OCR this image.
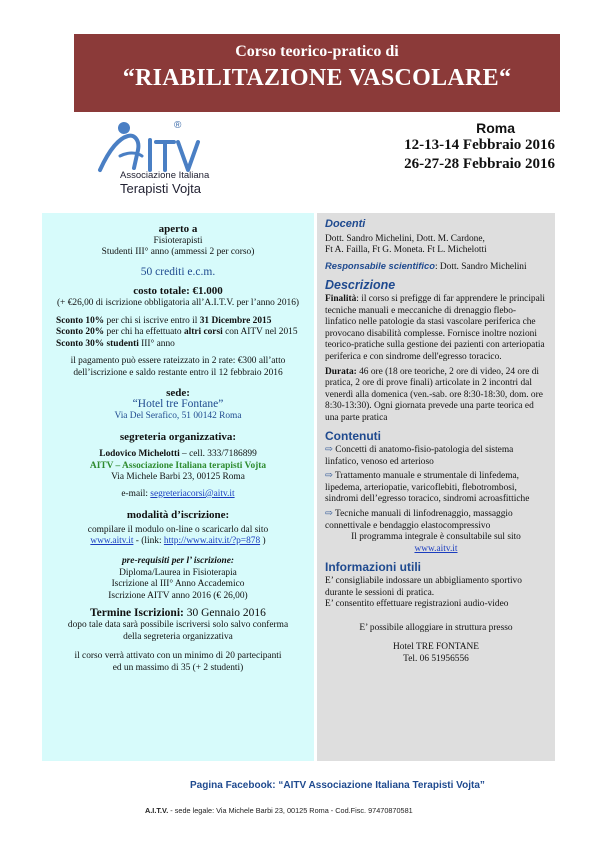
Corso teorico-pratico di
“RIABILITAZIONE VASCOLARE“
®
Associazione Italiana
Terapisti Vojta
Roma
12-13-14 Febbraio 2016
26-27-28 Febbraio 2016
aperto a
Fisioterapisti
Studenti III° anno (ammessi 2 per corso)
50 crediti e.c.m.
costo totale: €1.000
(+ €26,00 di iscrizione obbligatoria all’A.I.T.V. per l’anno 2016)
Sconto 10% per chi si iscrive entro il 31 Dicembre 2015
Sconto 20% per chi ha effettuato altri corsi con AITV nel 2015
Sconto 30% studenti III° anno
il pagamento può essere rateizzato in 2 rate: €300 all’atto
dell’iscrizione e saldo restante entro il 12 febbraio 2016
sede:
“Hotel tre Fontane”
Via Del Serafico, 51 00142 Roma
segreteria organizzativa:
Lodovico Michelotti – cell. 333/7186899
AITV – Associazione Italiana terapisti Vojta
Via Michele Barbi 23, 00125 Roma
e-mail: segreteriacorsi@aitv.it
modalità d’iscrizione:
compilare il modulo on-line o scaricarlo dal sito
www.aitv.it - (link: http://www.aitv.it/?p=878 )
pre-requisiti per l’ iscrizione:
Diploma/Laurea in Fisioterapia
Iscrizione al III° Anno Accademico
Iscrizione AITV anno 2016 (€ 26,00)
Termine Iscrizioni: 30 Gennaio 2016
dopo tale data sarà possibile iscriversi solo salvo conferma
della segreteria organizzativa
il corso verrà attivato con un minimo di 20 partecipanti
ed un massimo di 35 (+ 2 studenti)
Docenti

Dott. Sandro Michelini, Dott. M. Cardone,

Ft A. Failla, Ft G. Moneta. Ft L. Michelotti

Responsabile scientifico: Dott. Sandro Michelini

Descrizione

Finalità: il corso si prefigge di far apprendere le principali tecniche manuali e meccaniche di drenaggio flebo-linfatico nelle patologie da stasi vascolare periferica che provocano disabilità complesse. Fornisce inoltre nozioni teorico-pratiche sulla gestione dei pazienti con arteriopatia periferica e con sindrome dell'egresso toracico.

Durata: 46 ore (18 ore teoriche, 2 ore di video, 24 ore di pratica, 2 ore di prove finali) articolate in 2 incontri dal venerdì alla domenica (ven.-sab. ore 8:30-18:30, dom. ore 8:30-13:30). Ogni giornata prevede una parte teorica ed una parte pratica

Contenuti

⇨ Concetti di anatomo-fisio-patologia del sistema linfatico, venoso ed arterioso

⇨ Trattamento manuale e strumentale di linfedema, lipedema, arteriopatie, varicoflebiti, flebotrombosi, sindromi dell’egresso toracico, sindromi acroasfittiche

⇨ Tecniche manuali di linfodrenaggio, massaggio connettivale e bendaggio elastocompressivo

Il programma integrale è consultabile sul sito

www.aitv.it

Informazioni utili

E’ consigliabile indossare un abbigliamento sportivo durante le sessioni di pratica.

E’ consentito effettuare registrazioni audio-video

E’ possibile alloggiare in struttura presso

Hotel TRE FONTANE

Tel. 06 51956556

Pagina Facebook: “AITV Associazione Italiana Terapisti Vojta”
A.I.T.V. - sede legale: Via Michele Barbi 23, 00125 Roma - Cod.Fisc. 97470870581
